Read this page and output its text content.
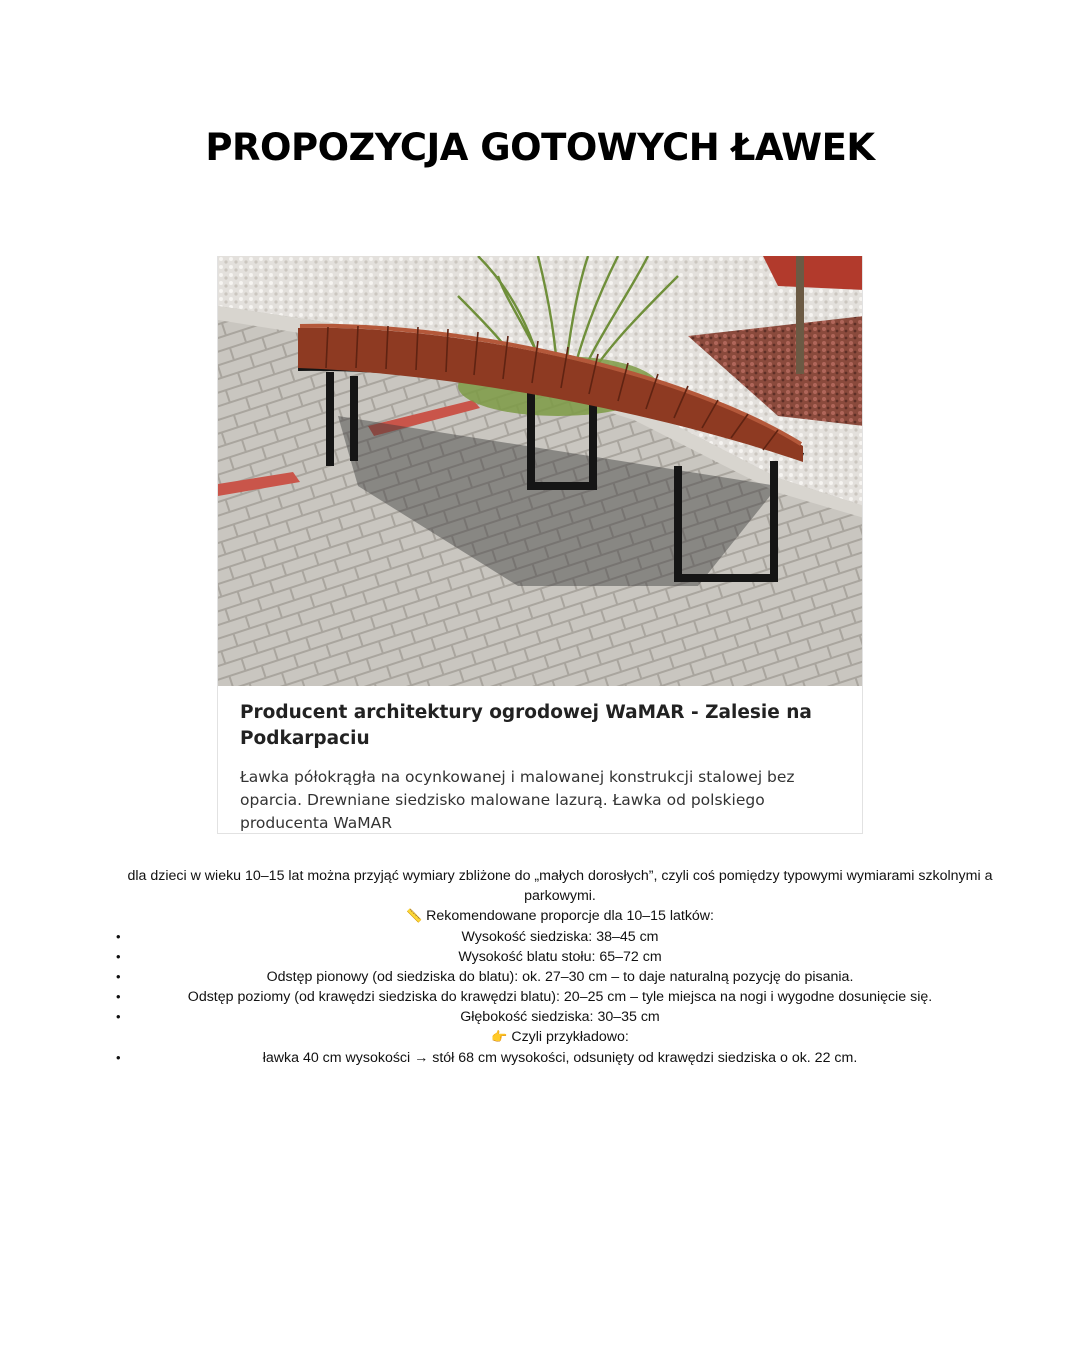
PROPOZYCJA GOTOWYCH ŁAWEK
Producent architektury ogrodowej WaMAR - Zalesie na Podkarpaciu

Ławka półokrągła na ocynkowanej i malowanej konstrukcji stalowej bez oparcia. Drewniane siedzisko malowane lazurą. Ławka od polskiego producenta WaMAR

dla dzieci w wieku 10–15 lat można przyjąć wymiary zbliżone do „małych dorosłych”, czyli coś pomiędzy typowymi wymiarami szkolnymi a parkowymi.

📏 Rekomendowane proporcje dla 10–15 latków:

• Wysokość siedziska: 38–45 cm
• Wysokość blatu stołu: 65–72 cm
• Odstęp pionowy (od siedziska do blatu): ok. 27–30 cm – to daje naturalną pozycję do pisania.
• Odstęp poziomy (od krawędzi siedziska do krawędzi blatu): 20–25 cm – tyle miejsca na nogi i wygodne dosunięcie się.
• Głębokość siedziska: 30–35 cm

👉 Czyli przykładowo:

• ławka 40 cm wysokości → stół 68 cm wysokości, odsunięty od krawędzi siedziska o ok. 22 cm.
